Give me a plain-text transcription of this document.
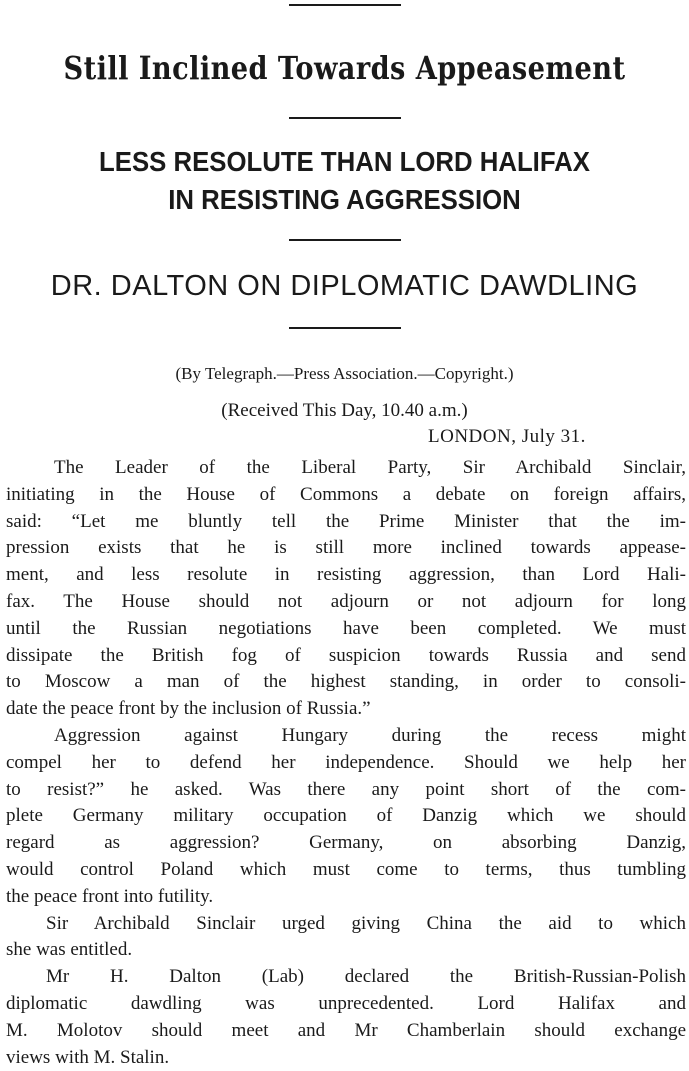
Still Inclined Towards Appeasement
LESS RESOLUTE THAN LORD HALIFAX
IN RESISTING AGGRESSION
DR. DALTON ON DIPLOMATIC DAWDLING
(By Telegraph.—Press Association.—Copyright.)
(Received This Day, 10.40 a.m.)
LONDON, July 31.
The Leader of the Liberal Party, Sir Archibald Sinclair,
initiating in the House of Commons a debate on foreign affairs,
said: “Let me bluntly tell the Prime Minister that the im-
pression exists that he is still more inclined towards appease-
ment, and less resolute in resisting aggression, than Lord Hali-
fax. The House should not adjourn or not adjourn for long
until the Russian negotiations have been completed. We must
dissipate the British fog of suspicion towards Russia and send
to Moscow a man of the highest standing, in order to consoli-
date the peace front by the inclusion of Russia.”
Aggression against Hungary during the recess might
compel her to defend her independence. Should we help her
to resist?” he asked. Was there any point short of the com-
plete Germany military occupation of Danzig which we should
regard as aggression? Germany, on absorbing Danzig,
would control Poland which must come to terms, thus tumbling
the peace front into futility.
Sir Archibald Sinclair urged giving China the aid to which
she was entitled.
Mr H. Dalton (Lab) declared the British-Russian-Polish
diplomatic dawdling was unprecedented. Lord Halifax and
M. Molotov should meet and Mr Chamberlain should exchange
views with M. Stalin.
